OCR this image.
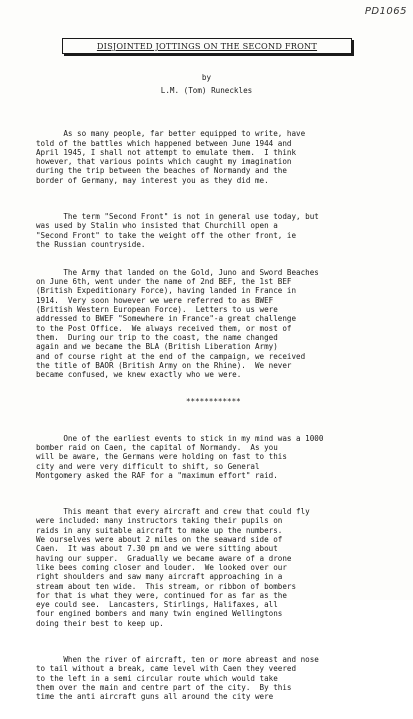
PD1065
DISJOINTED JOTTINGS ON THE SECOND FRONT
by
L.M. (Tom) Runeckles

As so many people, far better equipped to write, have
told of the battles which happened between June 1944 and
April 1945, I shall not attempt to emulate them.  I think
however, that various points which caught my imagination
during the trip between the beaches of Normandy and the
border of Germany, may interest you as they did me.

The term "Second Front" is not in general use today, but
was used by Stalin who insisted that Churchill open a
"Second Front" to take the weight off the other front, ie
the Russian countryside.

The Army that landed on the Gold, Juno and Sword Beaches
on June 6th, went under the name of 2nd BEF, the 1st BEF
(British Expeditionary Force), having landed in France in
1914.  Very soon however we were referred to as BWEF
(British Western European Force).  Letters to us were
addressed to BWEF "Somewhere in France"-a great challenge
to the Post Office.  We always received them, or most of
them.  During our trip to the coast, the name changed
again and we became the BLA (British Liberation Army)
and of course right at the end of the campaign, we received
the title of BAOR (British Army on the Rhine).  We never
became confused, we knew exactly who we were.

************

One of the earliest events to stick in my mind was a 1000
bomber raid on Caen, the capital of Normandy.  As you
will be aware, the Germans were holding on fast to this
city and were very difficult to shift, so General
Montgomery asked the RAF for a "maximum effort" raid.

This meant that every aircraft and crew that could fly
were included: many instructors taking their pupils on
raids in any suitable aircraft to make up the numbers.
We ourselves were about 2 miles on the seaward side of
Caen.  It was about 7.30 pm and we were sitting about
having our supper.  Gradually we became aware of a drone
like bees coming closer and louder.  We looked over our
right shoulders and saw many aircraft approaching in a
stream about ten wide.  This stream, or ribbon of bombers
for that is what they were, continued for as far as the
eye could see.  Lancasters, Stirlings, Halifaxes, all
four engined bombers and many twin engined Wellingtons
doing their best to keep up.

When the river of aircraft, ten or more abreast and nose
to tail without a break, came level with Caen they veered
to the left in a semi circular route which would take
them over the main and centre part of the city.  By this
time the anti aircraft guns all around the city were
